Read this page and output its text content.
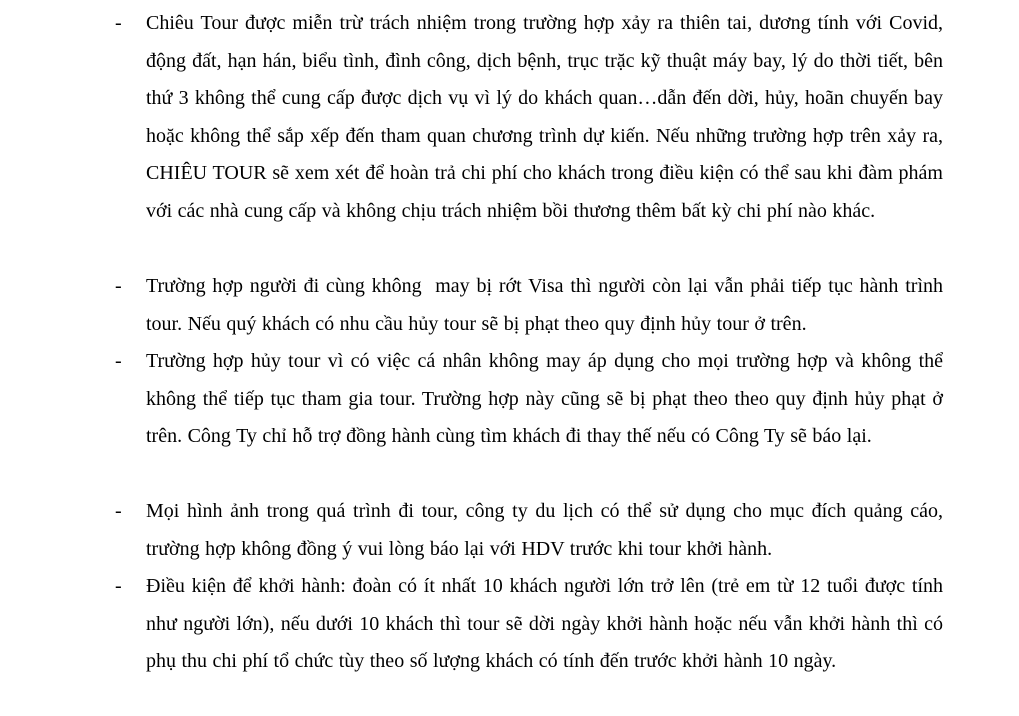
- Chiêu Tour được miễn trừ trách nhiệm trong trường hợp xảy ra thiên tai, dương tính với Covid, động đất, hạn hán, biểu tình, đình công, dịch bệnh, trục trặc kỹ thuật máy bay, lý do thời tiết, bên thứ 3 không thể cung cấp được dịch vụ vì lý do khách quan…dẫn đến dời, hủy, hoãn chuyến bay hoặc không thể sắp xếp đến tham quan chương trình dự kiến. Nếu những trường hợp trên xảy ra, CHIÊU TOUR sẽ xem xét để hoàn trả chi phí cho khách trong điều kiện có thể sau khi đàm phám với các nhà cung cấp và không chịu trách nhiệm bồi thương thêm bất kỳ chi phí nào khác.
- Trường hợp người đi cùng không  may bị rớt Visa thì người còn lại vẫn phải tiếp tục hành trình tour. Nếu quý khách có nhu cầu hủy tour sẽ bị phạt theo quy định hủy tour ở trên.
- Trường hợp hủy tour vì có việc cá nhân không may áp dụng cho mọi trường hợp và không thể không thể tiếp tục tham gia tour. Trường hợp này cũng sẽ bị phạt theo theo quy định hủy phạt ở trên. Công Ty chỉ hỗ trợ đồng hành cùng tìm khách đi thay thế nếu có Công Ty sẽ báo lại.
- Mọi hình ảnh trong quá trình đi tour, công ty du lịch có thể sử dụng cho mục đích quảng cáo, trường hợp không đồng ý vui lòng báo lại với HDV trước khi tour khởi hành.
- Điều kiện để khởi hành: đoàn có ít nhất 10 khách người lớn trở lên (trẻ em từ 12 tuổi được tính như người lớn), nếu dưới 10 khách thì tour sẽ dời ngày khởi hành hoặc nếu vẫn khởi hành thì có phụ thu chi phí tổ chức tùy theo số lượng khách có tính đến trước khởi hành 10 ngày.
